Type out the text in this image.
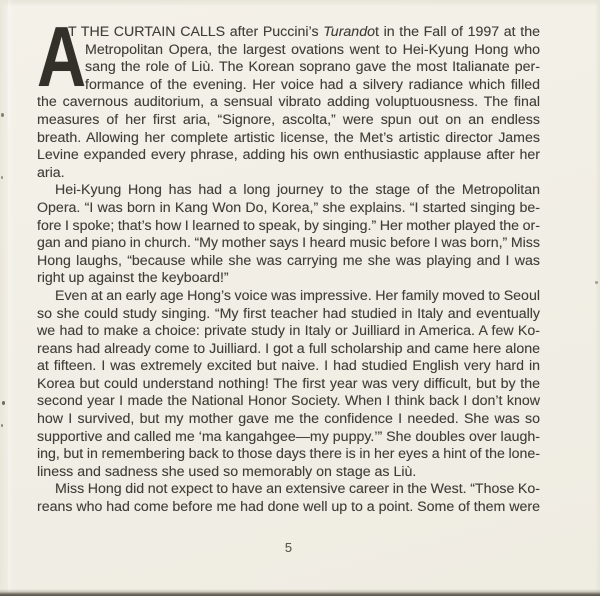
A
T THE CURTAIN CALLS after Puccini’s Turandot in the Fall of 1997 at the
Metropolitan Opera, the largest ovations went to Hei-Kyung Hong who
sang the role of Liù. The Korean soprano gave the most Italianate per-
formance of the evening. Her voice had a silvery radiance which filled
the cavernous auditorium, a sensual vibrato adding voluptuousness. The final
measures of her first aria, “Signore, ascolta,” were spun out on an endless
breath. Allowing her complete artistic license, the Met’s artistic director James
Levine expanded every phrase, adding his own enthusiastic applause after her
aria.
Hei-Kyung Hong has had a long journey to the stage of the Metropolitan
Opera. “I was born in Kang Won Do, Korea,” she explains. “I started singing be-
fore I spoke; that’s how I learned to speak, by singing.” Her mother played the or-
gan and piano in church. “My mother says I heard music before I was born,” Miss
Hong laughs, “because while she was carrying me she was playing and I was
right up against the keyboard!”
Even at an early age Hong’s voice was impressive. Her family moved to Seoul
so she could study singing. “My first teacher had studied in Italy and eventually
we had to make a choice: private study in Italy or Juilliard in America. A few Ko-
reans had already come to Juilliard. I got a full scholarship and came here alone
at fifteen. I was extremely excited but naive. I had studied English very hard in
Korea but could understand nothing! The first year was very difficult, but by the
second year I made the National Honor Society. When I think back I don’t know
how I survived, but my mother gave me the confidence I needed. She was so
supportive and called me ‘ma kangahgee—my puppy.’” She doubles over laugh-
ing, but in remembering back to those days there is in her eyes a hint of the lone-
liness and sadness she used so memorably on stage as Liù.
Miss Hong did not expect to have an extensive career in the West. “Those Ko-
reans who had come before me had done well up to a point. Some of them were
5
